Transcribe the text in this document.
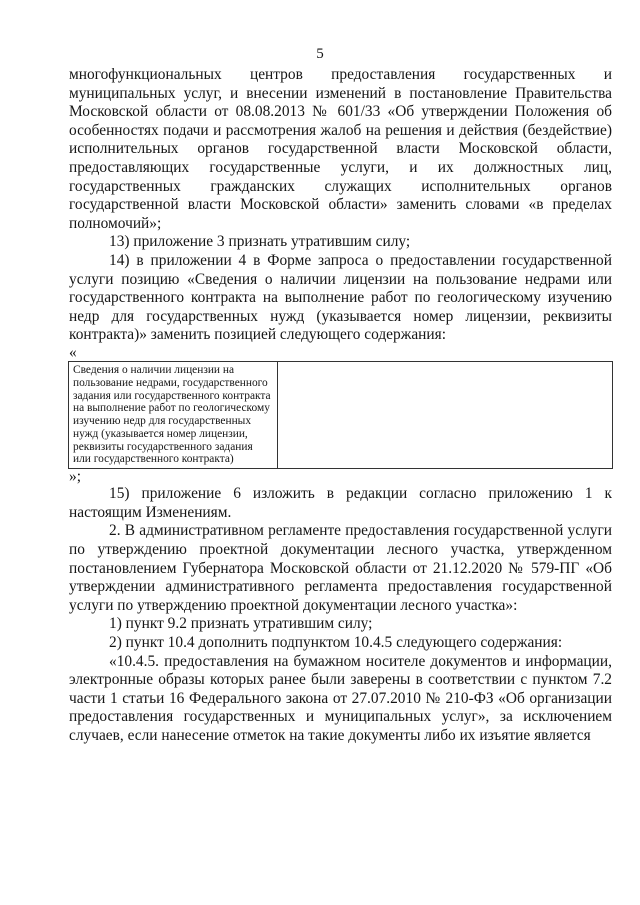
5

многофункциональных центров предоставления государственных и муниципальных услуг, и внесении изменений в постановление Правительства Московской области от 08.08.2013 № 601/33 «Об утверждении Положения об особенностях подачи и рассмотрения жалоб на решения и действия (бездействие) исполнительных органов государственной власти Московской области, предоставляющих государственные услуги, и их должностных лиц, государственных гражданских служащих исполнительных органов государственной власти Московской области» заменить словами «в пределах полномочий»;

13) приложение 3 признать утратившим силу;

14) в приложении 4 в Форме запроса о предоставлении государственной услуги позицию «Сведения о наличии лицензии на пользование недрами или государственного контракта на выполнение работ по геологическому изучению недр для государственных нужд (указывается номер лицензии, реквизиты контракта)» заменить позицией следующего содержания:

«

Сведения о наличии лицензии на пользование недрами, государственного задания или государственного контракта на выполнение работ по геологическому изучению недр для государственных нужд (указывается номер лицензии, реквизиты государственного задания или государственного контракта)	

»;

15) приложение 6 изложить в редакции согласно приложению 1 к настоящим Изменениям.

2. В административном регламенте предоставления государственной услуги по утверждению проектной документации лесного участка, утвержденном постановлением Губернатора Московской области от 21.12.2020 № 579-ПГ «Об утверждении административного регламента предоставления государственной услуги по утверждению проектной документации лесного участка»:

1) пункт 9.2 признать утратившим силу;

2) пункт 10.4 дополнить подпунктом 10.4.5 следующего содержания:

«10.4.5. предоставления на бумажном носителе документов и информации, электронные образы которых ранее были заверены в соответствии с пунктом 7.2 части 1 статьи 16 Федерального закона от 27.07.2010 № 210-ФЗ «Об организации предоставления государственных и муниципальных услуг», за исключением случаев, если нанесение отметок на такие документы либо их изъятие является
